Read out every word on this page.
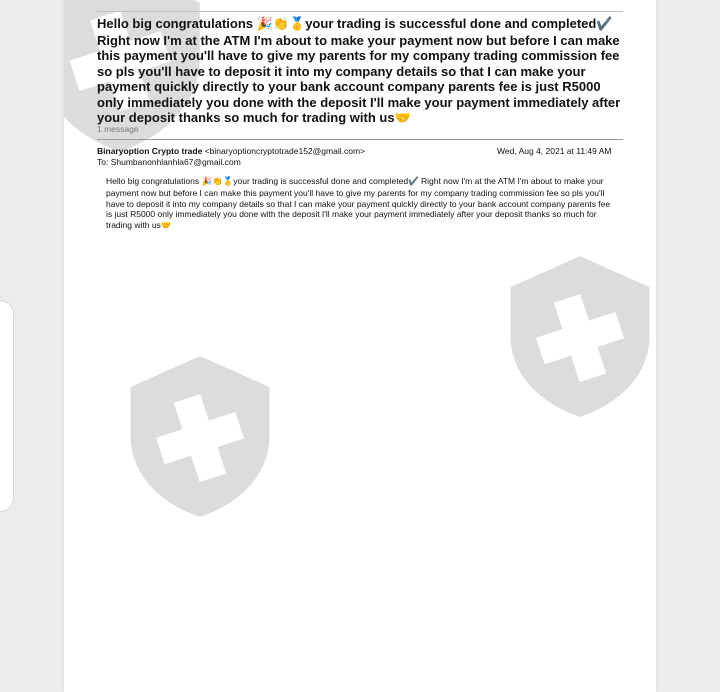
Hello big congratulations 🎉👏🥇your trading is successful done and completed✔️ Right now I'm at the ATM I'm about to make your payment now but before I can make this payment you'll have to give my parents for my company trading commission fee so pls you'll have to deposit it into my company details so that I can make your payment quickly directly to your bank account company parents fee is just R5000 only immediately you done with the deposit I'll make your payment immediately after your deposit thanks so much for trading with us🤝
1 message
Binaryoption Crypto trade <binaryoptioncryptotrade152@gmail.com>	Wed, Aug 4, 2021 at 11:49 AM
To: Shumbanonhlanhla67@gmail.com
Hello big congratulations 🎉👏🥇your trading is successful done and completed✔️ Right now I'm at the ATM I'm about to make your payment now but before I can make this payment you'll have to give my parents for my company trading commission fee so pls you'll have to deposit it into my company details so that I can make your payment quickly directly to your bank account company parents fee is just R5000 only immediately you done with the deposit I'll make your payment immediately after your deposit thanks so much for trading with us🤝
